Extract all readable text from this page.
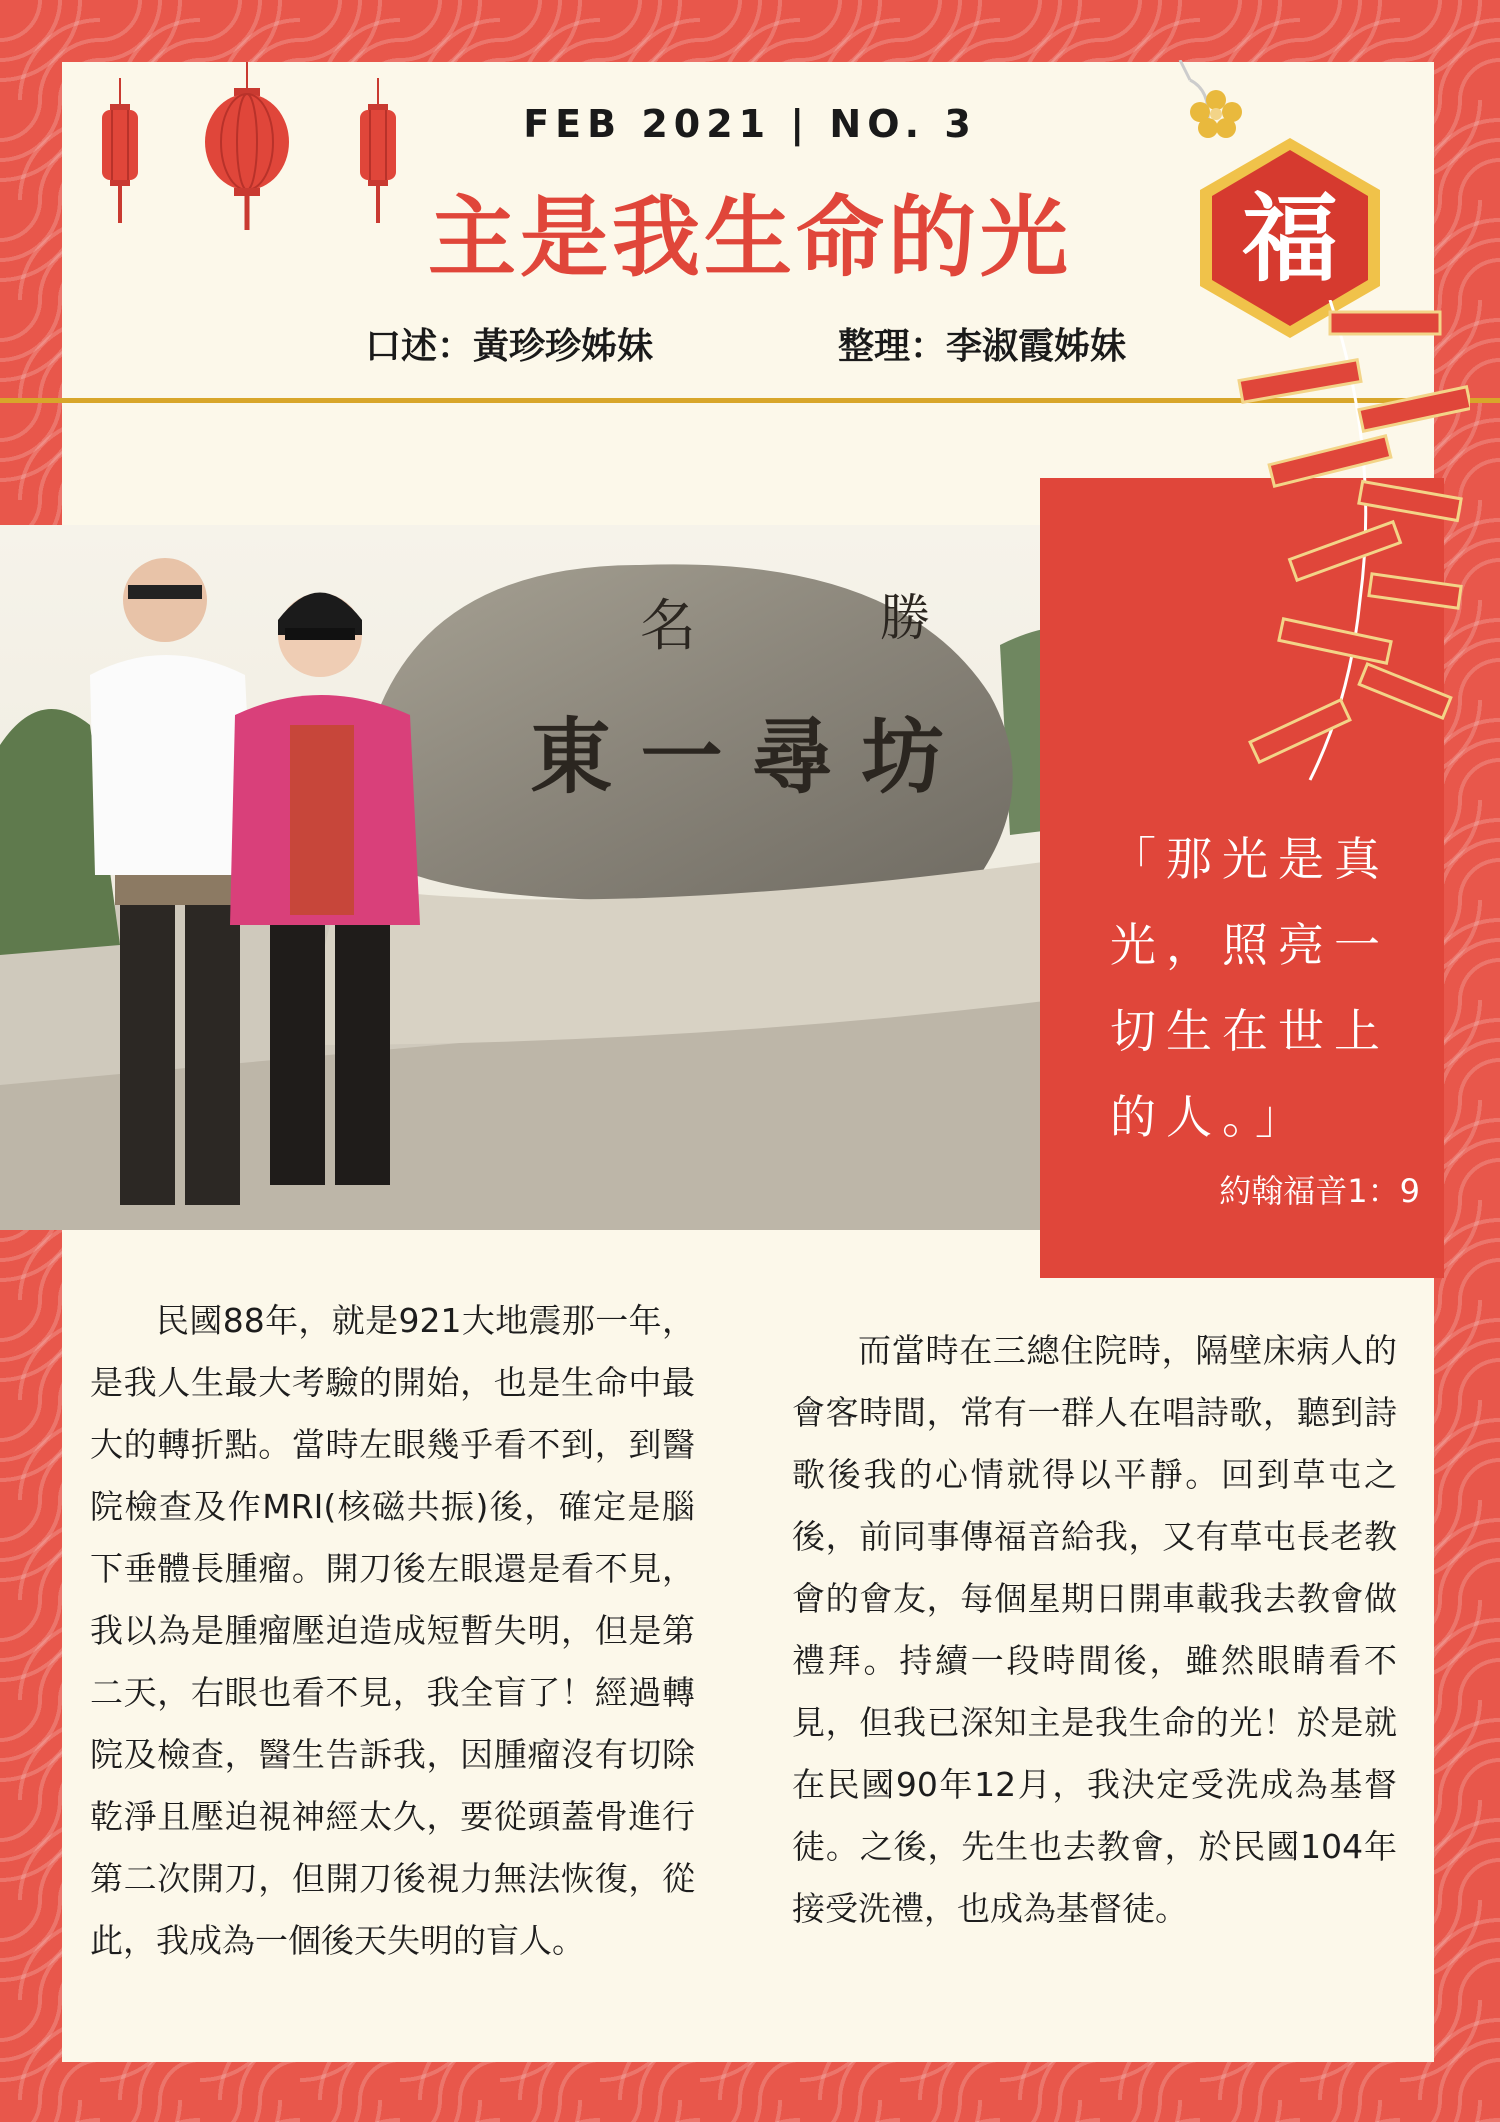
FEB 2021 | NO. 3
主是我生命的光
口述：黃珍珍姊妹	整理：李淑霞姊妹
福
名	勝
東 一 尋 坊
「那光是真
光，照亮一
切生在世上
的人。」
約翰福音1：9
民國88年，就是921大地震那一年，是我人生最大考驗的開始，也是生命中最大的轉折點。當時左眼幾乎看不到，到醫院檢查及作MRI(核磁共振)後，確定是腦下垂體長腫瘤。開刀後左眼還是看不見，我以為是腫瘤壓迫造成短暫失明，但是第二天，右眼也看不見，我全盲了！經過轉院及檢查，醫生告訴我，因腫瘤沒有切除乾淨且壓迫視神經太久，要從頭蓋骨進行第二次開刀，但開刀後視力無法恢復，從此，我成為一個後天失明的盲人。
而當時在三總住院時，隔壁床病人的會客時間，常有一群人在唱詩歌，聽到詩歌後我的心情就得以平靜。回到草屯之後，前同事傳福音給我，又有草屯長老教會的會友，每個星期日開車載我去教會做禮拜。持續一段時間後，雖然眼睛看不見，但我已深知主是我生命的光！於是就在民國90年12月，我決定受洗成為基督徒。之後，先生也去教會，於民國104年接受洗禮，也成為基督徒。
